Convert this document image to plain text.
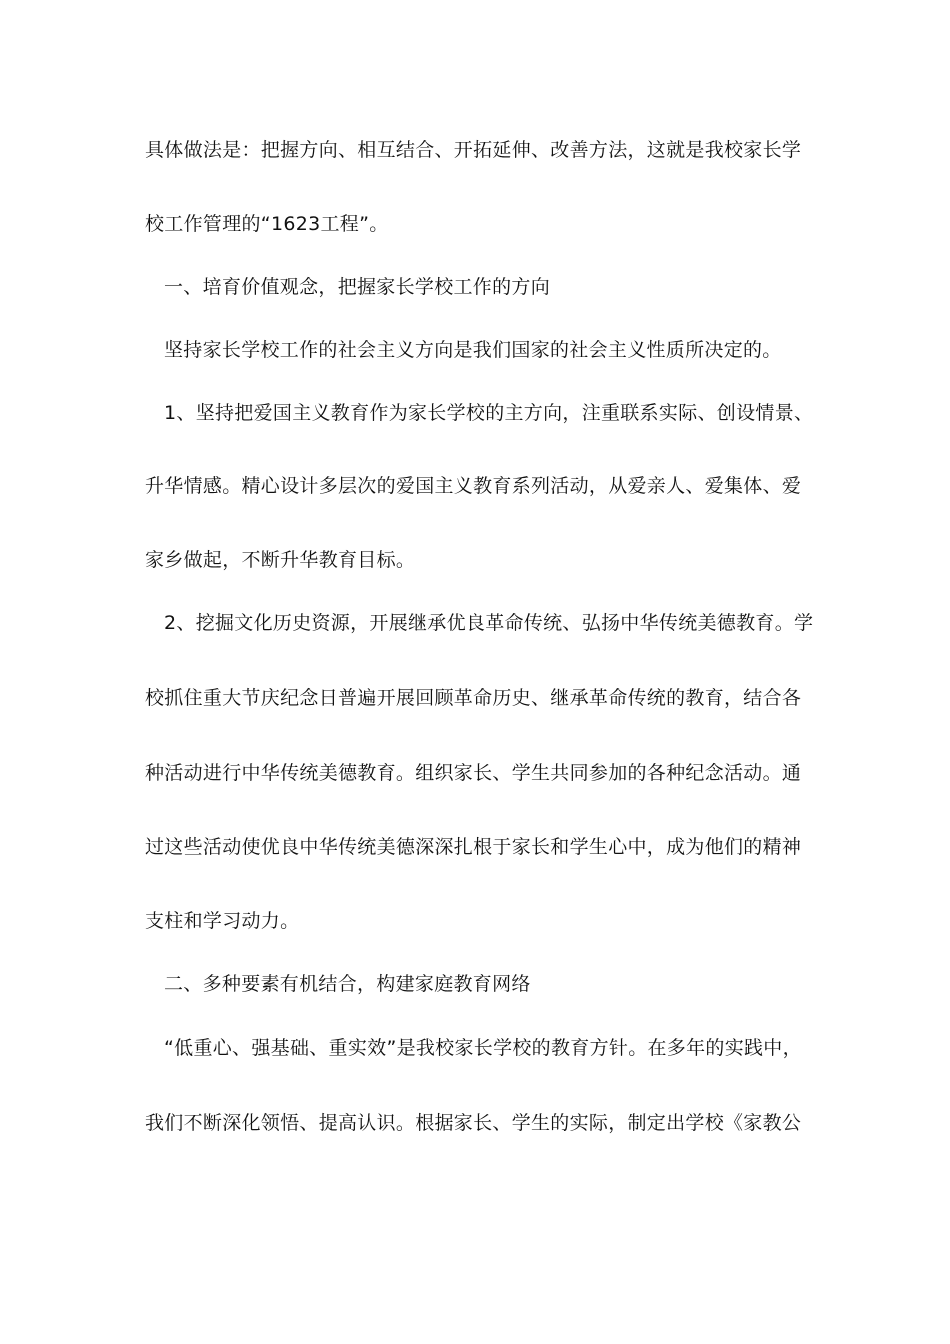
具体做法是：把握方向、相互结合、开拓延伸、改善方法，这就是我校家长学
校工作管理的“1623工程”。
一、培育价值观念，把握家长学校工作的方向
坚持家长学校工作的社会主义方向是我们国家的社会主义性质所决定的。
1、坚持把爱国主义教育作为家长学校的主方向，注重联系实际、创设情景、
升华情感。精心设计多层次的爱国主义教育系列活动，从爱亲人、爱集体、爱
家乡做起，不断升华教育目标。
2、挖掘文化历史资源，开展继承优良革命传统、弘扬中华传统美德教育。学
校抓住重大节庆纪念日普遍开展回顾革命历史、继承革命传统的教育，结合各
种活动进行中华传统美德教育。组织家长、学生共同参加的各种纪念活动。通
过这些活动使优良中华传统美德深深扎根于家长和学生心中，成为他们的精神
支柱和学习动力。
二、多种要素有机结合，构建家庭教育网络
“低重心、强基础、重实效”是我校家长学校的教育方针。在多年的实践中，
我们不断深化领悟、提高认识。根据家长、学生的实际，制定出学校《家教公
